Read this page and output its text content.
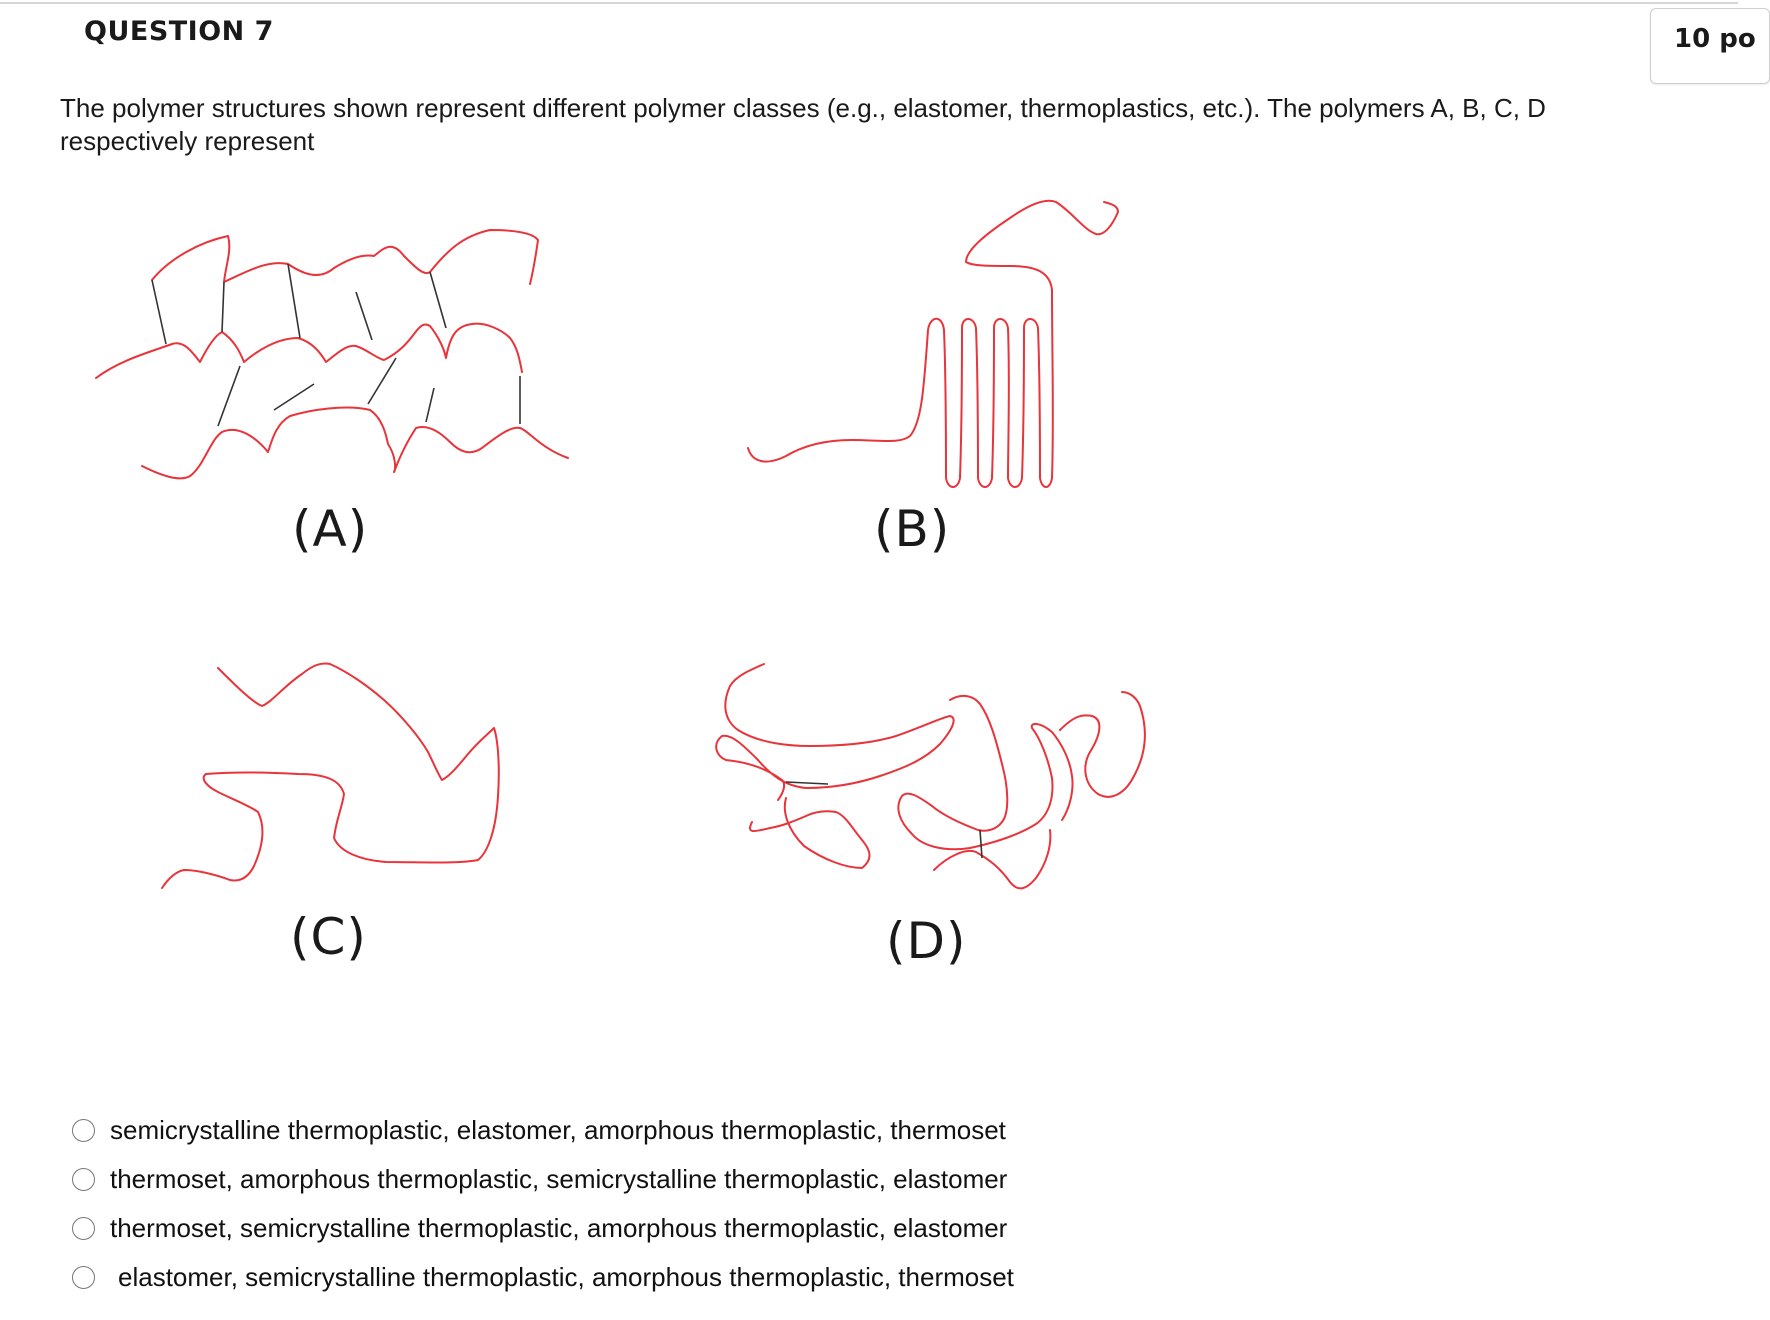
QUESTION 7	10 po
The polymer structures shown represent different polymer classes (e.g., elastomer, thermoplastics, etc.). The polymers A, B, C, D respectively represent
(A)	(B)
(C)	(D)
semicrystalline thermoplastic, elastomer, amorphous thermoplastic, thermoset
thermoset, amorphous thermoplastic, semicrystalline thermoplastic, elastomer
thermoset, semicrystalline thermoplastic, amorphous thermoplastic, elastomer
elastomer, semicrystalline thermoplastic, amorphous thermoplastic, thermoset
